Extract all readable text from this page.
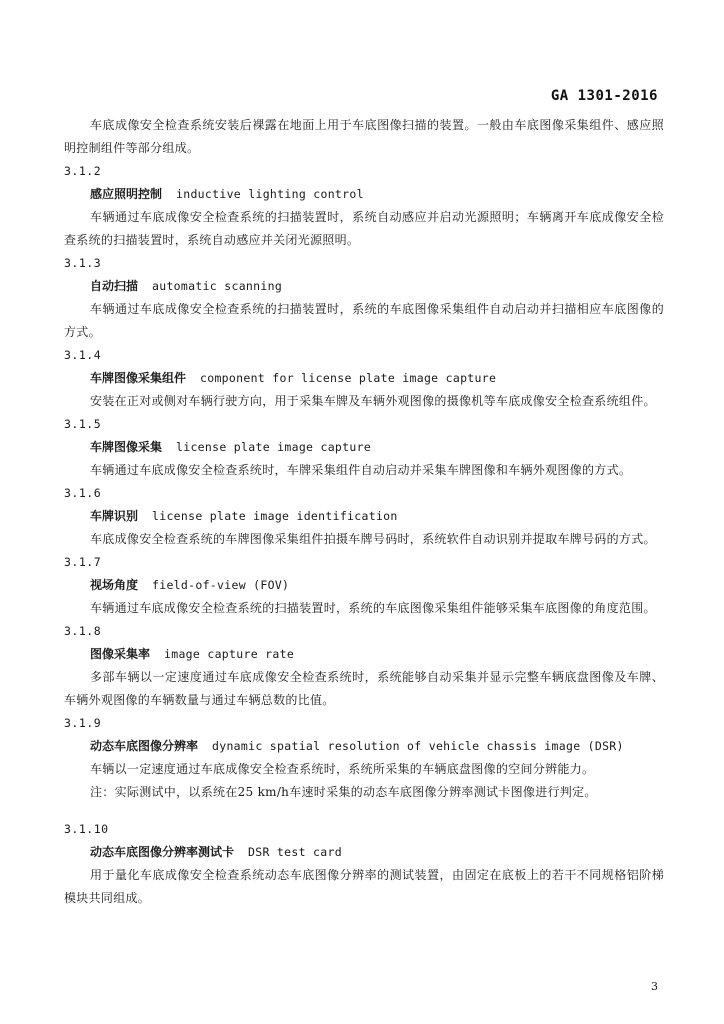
GA 1301-2016

车底成像安全检查系统安装后裸露在地面上用于车底图像扫描的装置。一般由车底图像采集组件、感应照明控制组件等部分组成。

3.1.2

感应照明控制 inductive lighting control

车辆通过车底成像安全检查系统的扫描装置时，系统自动感应并启动光源照明；车辆离开车底成像安全检查系统的扫描装置时，系统自动感应并关闭光源照明。

3.1.3

自动扫描 automatic scanning

车辆通过车底成像安全检查系统的扫描装置时，系统的车底图像采集组件自动启动并扫描相应车底图像的方式。

3.1.4

车牌图像采集组件 component for license plate image capture

安装在正对或侧对车辆行驶方向，用于采集车牌及车辆外观图像的摄像机等车底成像安全检查系统组件。

3.1.5

车牌图像采集 license plate image capture

车辆通过车底成像安全检查系统时，车牌采集组件自动启动并采集车牌图像和车辆外观图像的方式。

3.1.6

车牌识别 license plate image identification

车底成像安全检查系统的车牌图像采集组件拍摄车牌号码时，系统软件自动识别并提取车牌号码的方式。

3.1.7

视场角度 field-of-view (FOV)

车辆通过车底成像安全检查系统的扫描装置时，系统的车底图像采集组件能够采集车底图像的角度范围。

3.1.8

图像采集率 image capture rate

多部车辆以一定速度通过车底成像安全检查系统时，系统能够自动采集并显示完整车辆底盘图像及车牌、车辆外观图像的车辆数量与通过车辆总数的比值。

3.1.9

动态车底图像分辨率 dynamic spatial resolution of vehicle chassis image (DSR)

车辆以一定速度通过车底成像安全检查系统时，系统所采集的车辆底盘图像的空间分辨能力。

注：实际测试中，以系统在25 km/h车速时采集的动态车底图像分辨率测试卡图像进行判定。

3.1.10

动态车底图像分辨率测试卡 DSR test card

用于量化车底成像安全检查系统动态车底图像分辨率的测试装置，由固定在底板上的若干不同规格铝阶梯模块共同组成。

3
